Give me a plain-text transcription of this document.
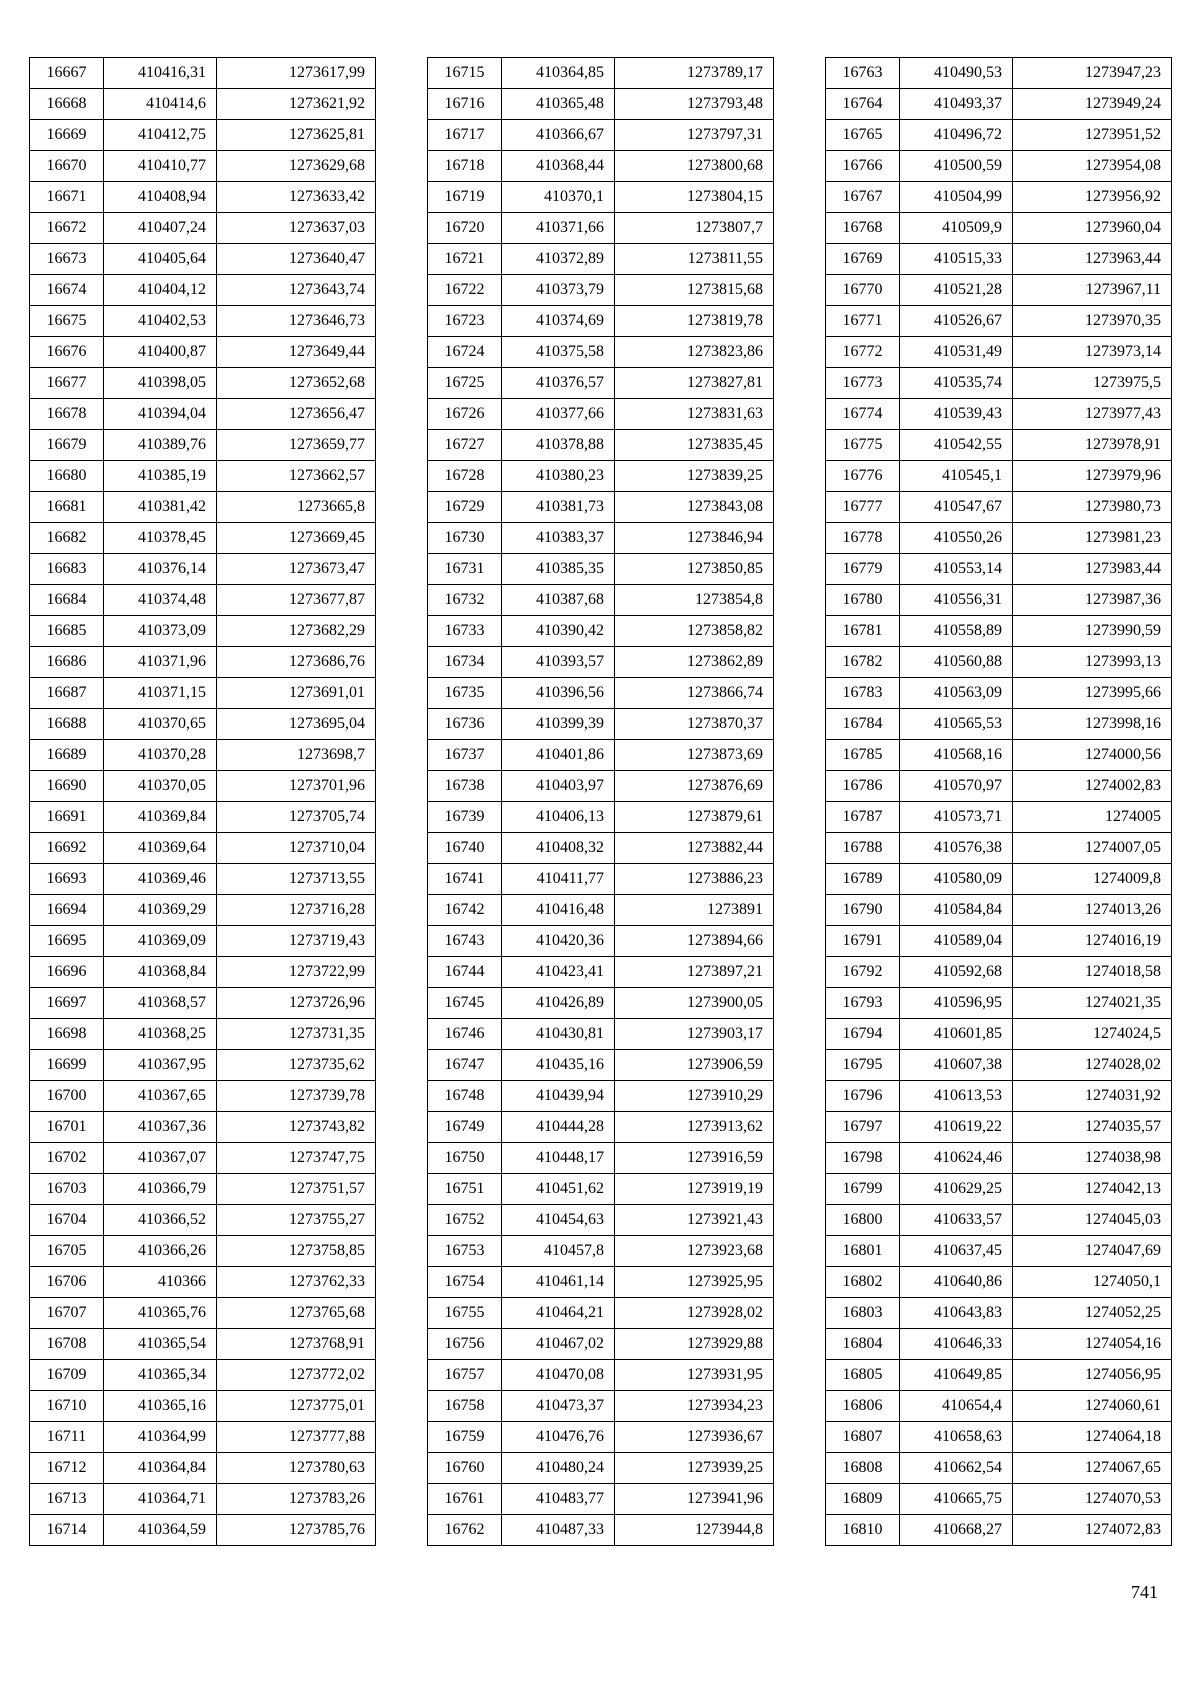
16667	410416,31	1273617,99
16668	410414,6	1273621,92
16669	410412,75	1273625,81
16670	410410,77	1273629,68
16671	410408,94	1273633,42
16672	410407,24	1273637,03
16673	410405,64	1273640,47
16674	410404,12	1273643,74
16675	410402,53	1273646,73
16676	410400,87	1273649,44
16677	410398,05	1273652,68
16678	410394,04	1273656,47
16679	410389,76	1273659,77
16680	410385,19	1273662,57
16681	410381,42	1273665,8
16682	410378,45	1273669,45
16683	410376,14	1273673,47
16684	410374,48	1273677,87
16685	410373,09	1273682,29
16686	410371,96	1273686,76
16687	410371,15	1273691,01
16688	410370,65	1273695,04
16689	410370,28	1273698,7
16690	410370,05	1273701,96
16691	410369,84	1273705,74
16692	410369,64	1273710,04
16693	410369,46	1273713,55
16694	410369,29	1273716,28
16695	410369,09	1273719,43
16696	410368,84	1273722,99
16697	410368,57	1273726,96
16698	410368,25	1273731,35
16699	410367,95	1273735,62
16700	410367,65	1273739,78
16701	410367,36	1273743,82
16702	410367,07	1273747,75
16703	410366,79	1273751,57
16704	410366,52	1273755,27
16705	410366,26	1273758,85
16706	410366	1273762,33
16707	410365,76	1273765,68
16708	410365,54	1273768,91
16709	410365,34	1273772,02
16710	410365,16	1273775,01
16711	410364,99	1273777,88
16712	410364,84	1273780,63
16713	410364,71	1273783,26
16714	410364,59	1273785,76
16715	410364,85	1273789,17
16716	410365,48	1273793,48
16717	410366,67	1273797,31
16718	410368,44	1273800,68
16719	410370,1	1273804,15
16720	410371,66	1273807,7
16721	410372,89	1273811,55
16722	410373,79	1273815,68
16723	410374,69	1273819,78
16724	410375,58	1273823,86
16725	410376,57	1273827,81
16726	410377,66	1273831,63
16727	410378,88	1273835,45
16728	410380,23	1273839,25
16729	410381,73	1273843,08
16730	410383,37	1273846,94
16731	410385,35	1273850,85
16732	410387,68	1273854,8
16733	410390,42	1273858,82
16734	410393,57	1273862,89
16735	410396,56	1273866,74
16736	410399,39	1273870,37
16737	410401,86	1273873,69
16738	410403,97	1273876,69
16739	410406,13	1273879,61
16740	410408,32	1273882,44
16741	410411,77	1273886,23
16742	410416,48	1273891
16743	410420,36	1273894,66
16744	410423,41	1273897,21
16745	410426,89	1273900,05
16746	410430,81	1273903,17
16747	410435,16	1273906,59
16748	410439,94	1273910,29
16749	410444,28	1273913,62
16750	410448,17	1273916,59
16751	410451,62	1273919,19
16752	410454,63	1273921,43
16753	410457,8	1273923,68
16754	410461,14	1273925,95
16755	410464,21	1273928,02
16756	410467,02	1273929,88
16757	410470,08	1273931,95
16758	410473,37	1273934,23
16759	410476,76	1273936,67
16760	410480,24	1273939,25
16761	410483,77	1273941,96
16762	410487,33	1273944,8
16763	410490,53	1273947,23
16764	410493,37	1273949,24
16765	410496,72	1273951,52
16766	410500,59	1273954,08
16767	410504,99	1273956,92
16768	410509,9	1273960,04
16769	410515,33	1273963,44
16770	410521,28	1273967,11
16771	410526,67	1273970,35
16772	410531,49	1273973,14
16773	410535,74	1273975,5
16774	410539,43	1273977,43
16775	410542,55	1273978,91
16776	410545,1	1273979,96
16777	410547,67	1273980,73
16778	410550,26	1273981,23
16779	410553,14	1273983,44
16780	410556,31	1273987,36
16781	410558,89	1273990,59
16782	410560,88	1273993,13
16783	410563,09	1273995,66
16784	410565,53	1273998,16
16785	410568,16	1274000,56
16786	410570,97	1274002,83
16787	410573,71	1274005
16788	410576,38	1274007,05
16789	410580,09	1274009,8
16790	410584,84	1274013,26
16791	410589,04	1274016,19
16792	410592,68	1274018,58
16793	410596,95	1274021,35
16794	410601,85	1274024,5
16795	410607,38	1274028,02
16796	410613,53	1274031,92
16797	410619,22	1274035,57
16798	410624,46	1274038,98
16799	410629,25	1274042,13
16800	410633,57	1274045,03
16801	410637,45	1274047,69
16802	410640,86	1274050,1
16803	410643,83	1274052,25
16804	410646,33	1274054,16
16805	410649,85	1274056,95
16806	410654,4	1274060,61
16807	410658,63	1274064,18
16808	410662,54	1274067,65
16809	410665,75	1274070,53
16810	410668,27	1274072,83
741
